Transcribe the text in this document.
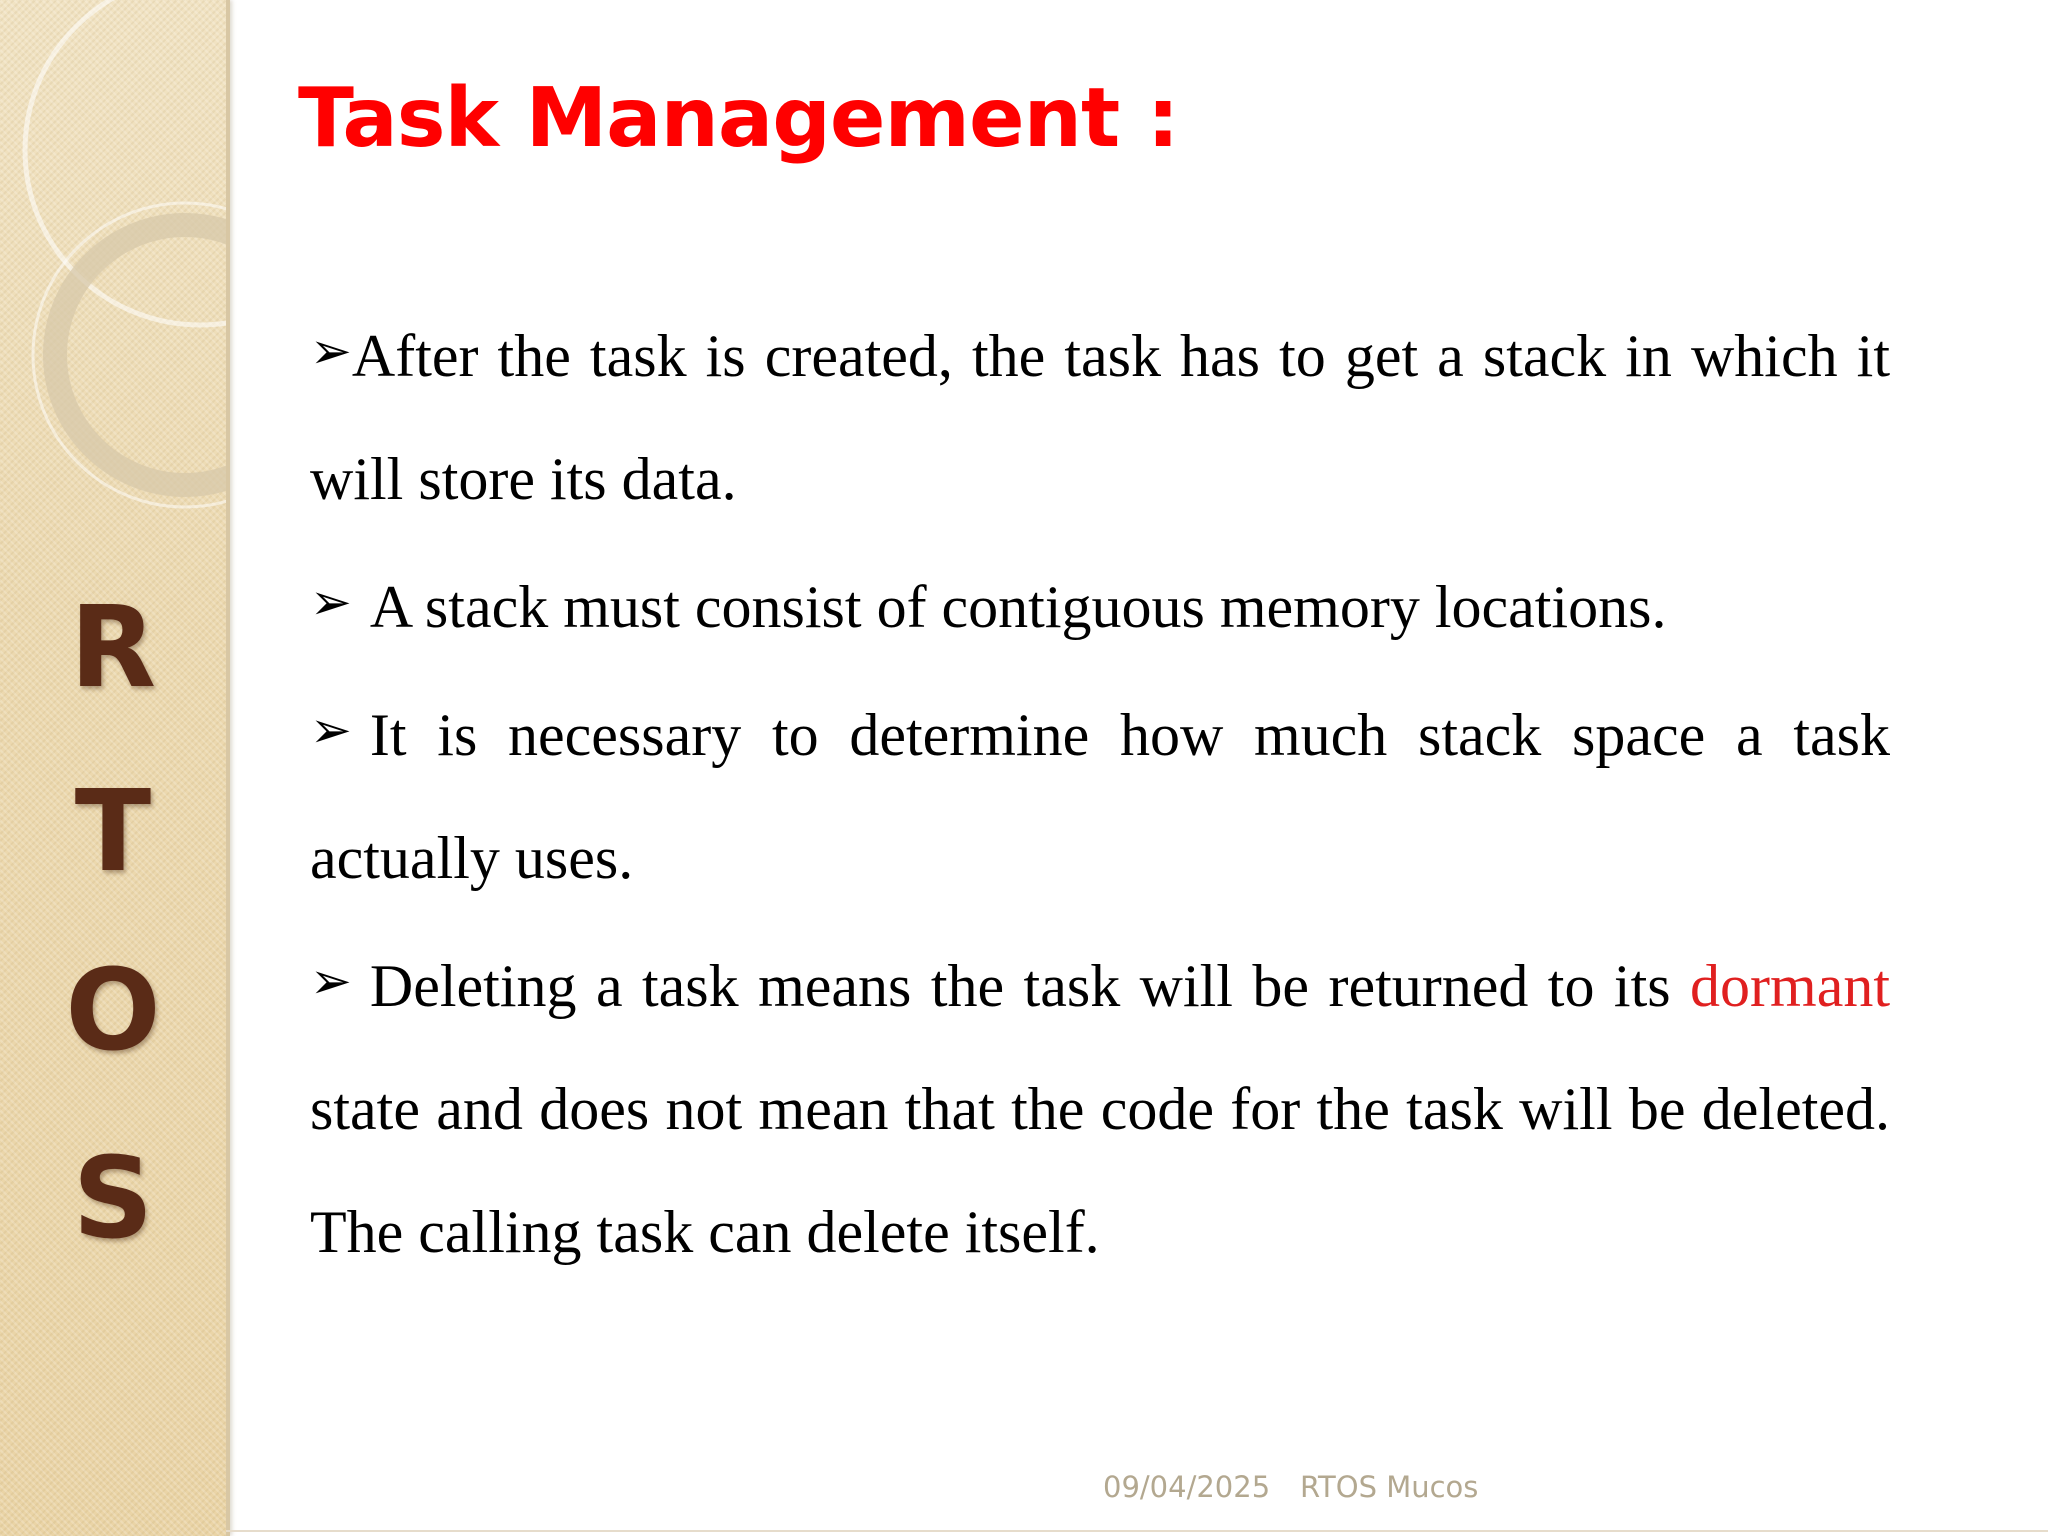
R
T
O
S
Task Management :

➢After the task is created, the task has to get a stack in which it will store its data.

➢ A stack must consist of contiguous memory locations.

➢ It is necessary to determine how much stack space a task actually uses.

➢ Deleting a task means the task will be returned to its dormant state and does not mean that the code for the task will be deleted. The calling task can delete itself.

09/04/2025 RTOS Mucos
